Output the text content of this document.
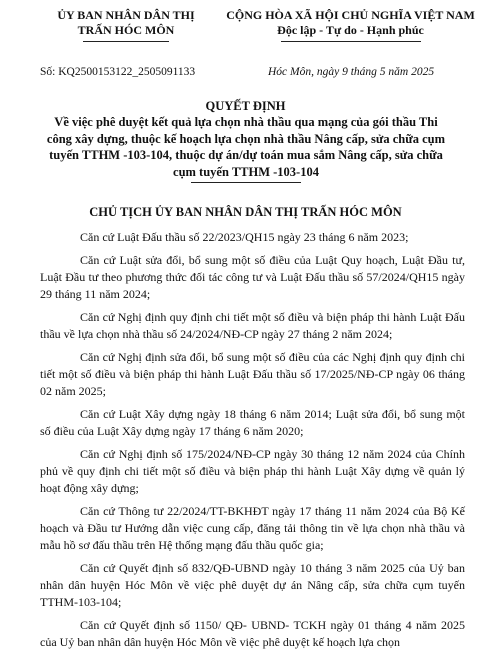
ỦY BAN NHÂN DÂN THỊ
TRẤN HÓC MÔN
CỘNG HÒA XÃ HỘI CHỦ NGHĨA VIỆT NAM
Độc lập - Tự do - Hạnh phúc
Số: KQ2500153122_2505091133	Hóc Môn, ngày 9 tháng 5 năm 2025
QUYẾT ĐỊNH
Về việc phê duyệt kết quả lựa chọn nhà thầu qua mạng của gói thầu Thi
công xây dựng, thuộc kế hoạch lựa chọn nhà thầu Nâng cấp, sửa chữa cụm
tuyến TTHM -103-104, thuộc dự án/dự toán mua sắm Nâng cấp, sửa chữa
cụm tuyến TTHM -103-104
CHỦ TỊCH ỦY BAN NHÂN DÂN THỊ TRẤN HÓC MÔN

Căn cứ Luật Đấu thầu số 22/2023/QH15 ngày 23 tháng 6 năm 2023;

Căn cứ Luật sửa đổi, bổ sung một số điều của Luật Quy hoạch, Luật Đầu tư, Luật Đầu tư theo phương thức đối tác công tư và Luật Đấu thầu số 57/2024/QH15 ngày 29 tháng 11 năm 2024;

Căn cứ Nghị định quy định chi tiết một số điều và biện pháp thi hành Luật Đấu thầu về lựa chọn nhà thầu số 24/2024/NĐ-CP ngày 27 tháng 2 năm 2024;

Căn cứ Nghị định sửa đổi, bổ sung một số điều của các Nghị định quy định chi tiết một số điều và biện pháp thi hành Luật Đấu thầu số 17/2025/NĐ-CP ngày 06 tháng 02 năm 2025;

Căn cứ Luật Xây dựng ngày 18 tháng 6 năm 2014; Luật sửa đổi, bổ sung một số điều của Luật Xây dựng ngày 17 tháng 6 năm 2020;

Căn cứ Nghị định số 175/2024/NĐ-CP ngày 30 tháng 12 năm 2024 của Chính phủ về quy định chi tiết một số điều và biện pháp thi hành Luật Xây dựng về quản lý hoạt động xây dựng;

Căn cứ Thông tư 22/2024/TT-BKHĐT ngày 17 tháng 11 năm 2024 của Bộ Kế hoạch và Đầu tư Hướng dẫn việc cung cấp, đăng tải thông tin về lựa chọn nhà thầu và mẫu hồ sơ đấu thầu trên Hệ thống mạng đấu thầu quốc gia;

Căn cứ Quyết định số 832/QĐ-UBND ngày 10 tháng 3 năm 2025 của Uỷ ban nhân dân huyện Hóc Môn về việc phê duyệt dự án Nâng cấp, sửa chữa cụm tuyến TTHM-103-104;

Căn cứ Quyết định số 1150/ QĐ- UBND- TCKH ngày 01 tháng 4 năm 2025 của Uỷ ban nhân dân huyện Hóc Môn về việc phê duyệt kế hoạch lựa chọn
